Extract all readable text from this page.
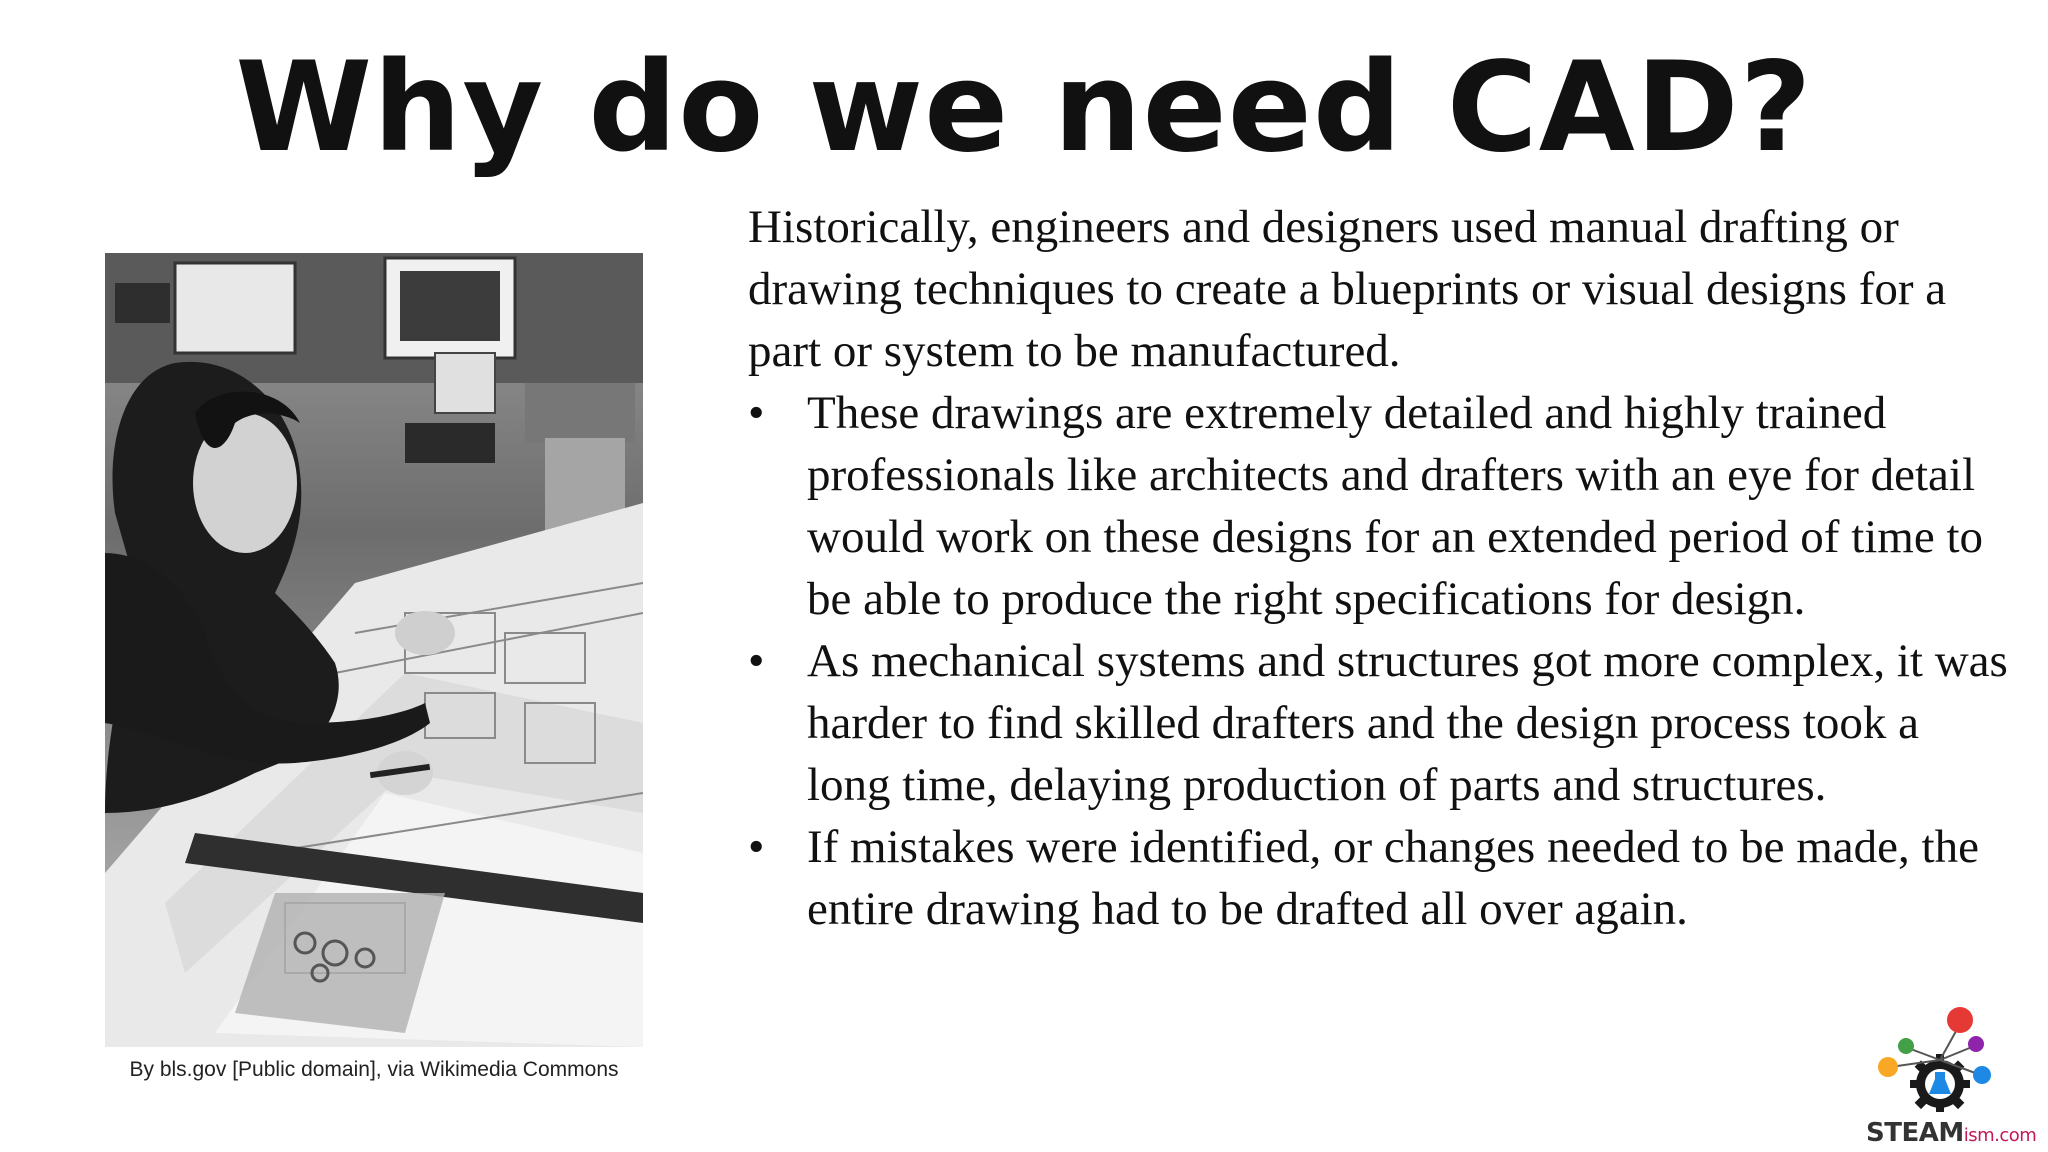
Why do we need CAD?

By bls.gov [Public domain], via Wikimedia Commons

Historically, engineers and designers used manual drafting or drawing techniques to create a blueprints or visual designs for a part or system to be manufactured.

• These drawings are extremely detailed and highly trained professionals like architects and drafters with an eye for detail would work on these designs for an extended period of time to be able to produce the right specifications for design.
• As mechanical systems and structures got more complex, it was harder to find skilled drafters and the design process took a long time, delaying production of parts and structures.
• If mistakes were identified, or changes needed to be made, the entire drawing had to be drafted all over again.
STEAMism.com
